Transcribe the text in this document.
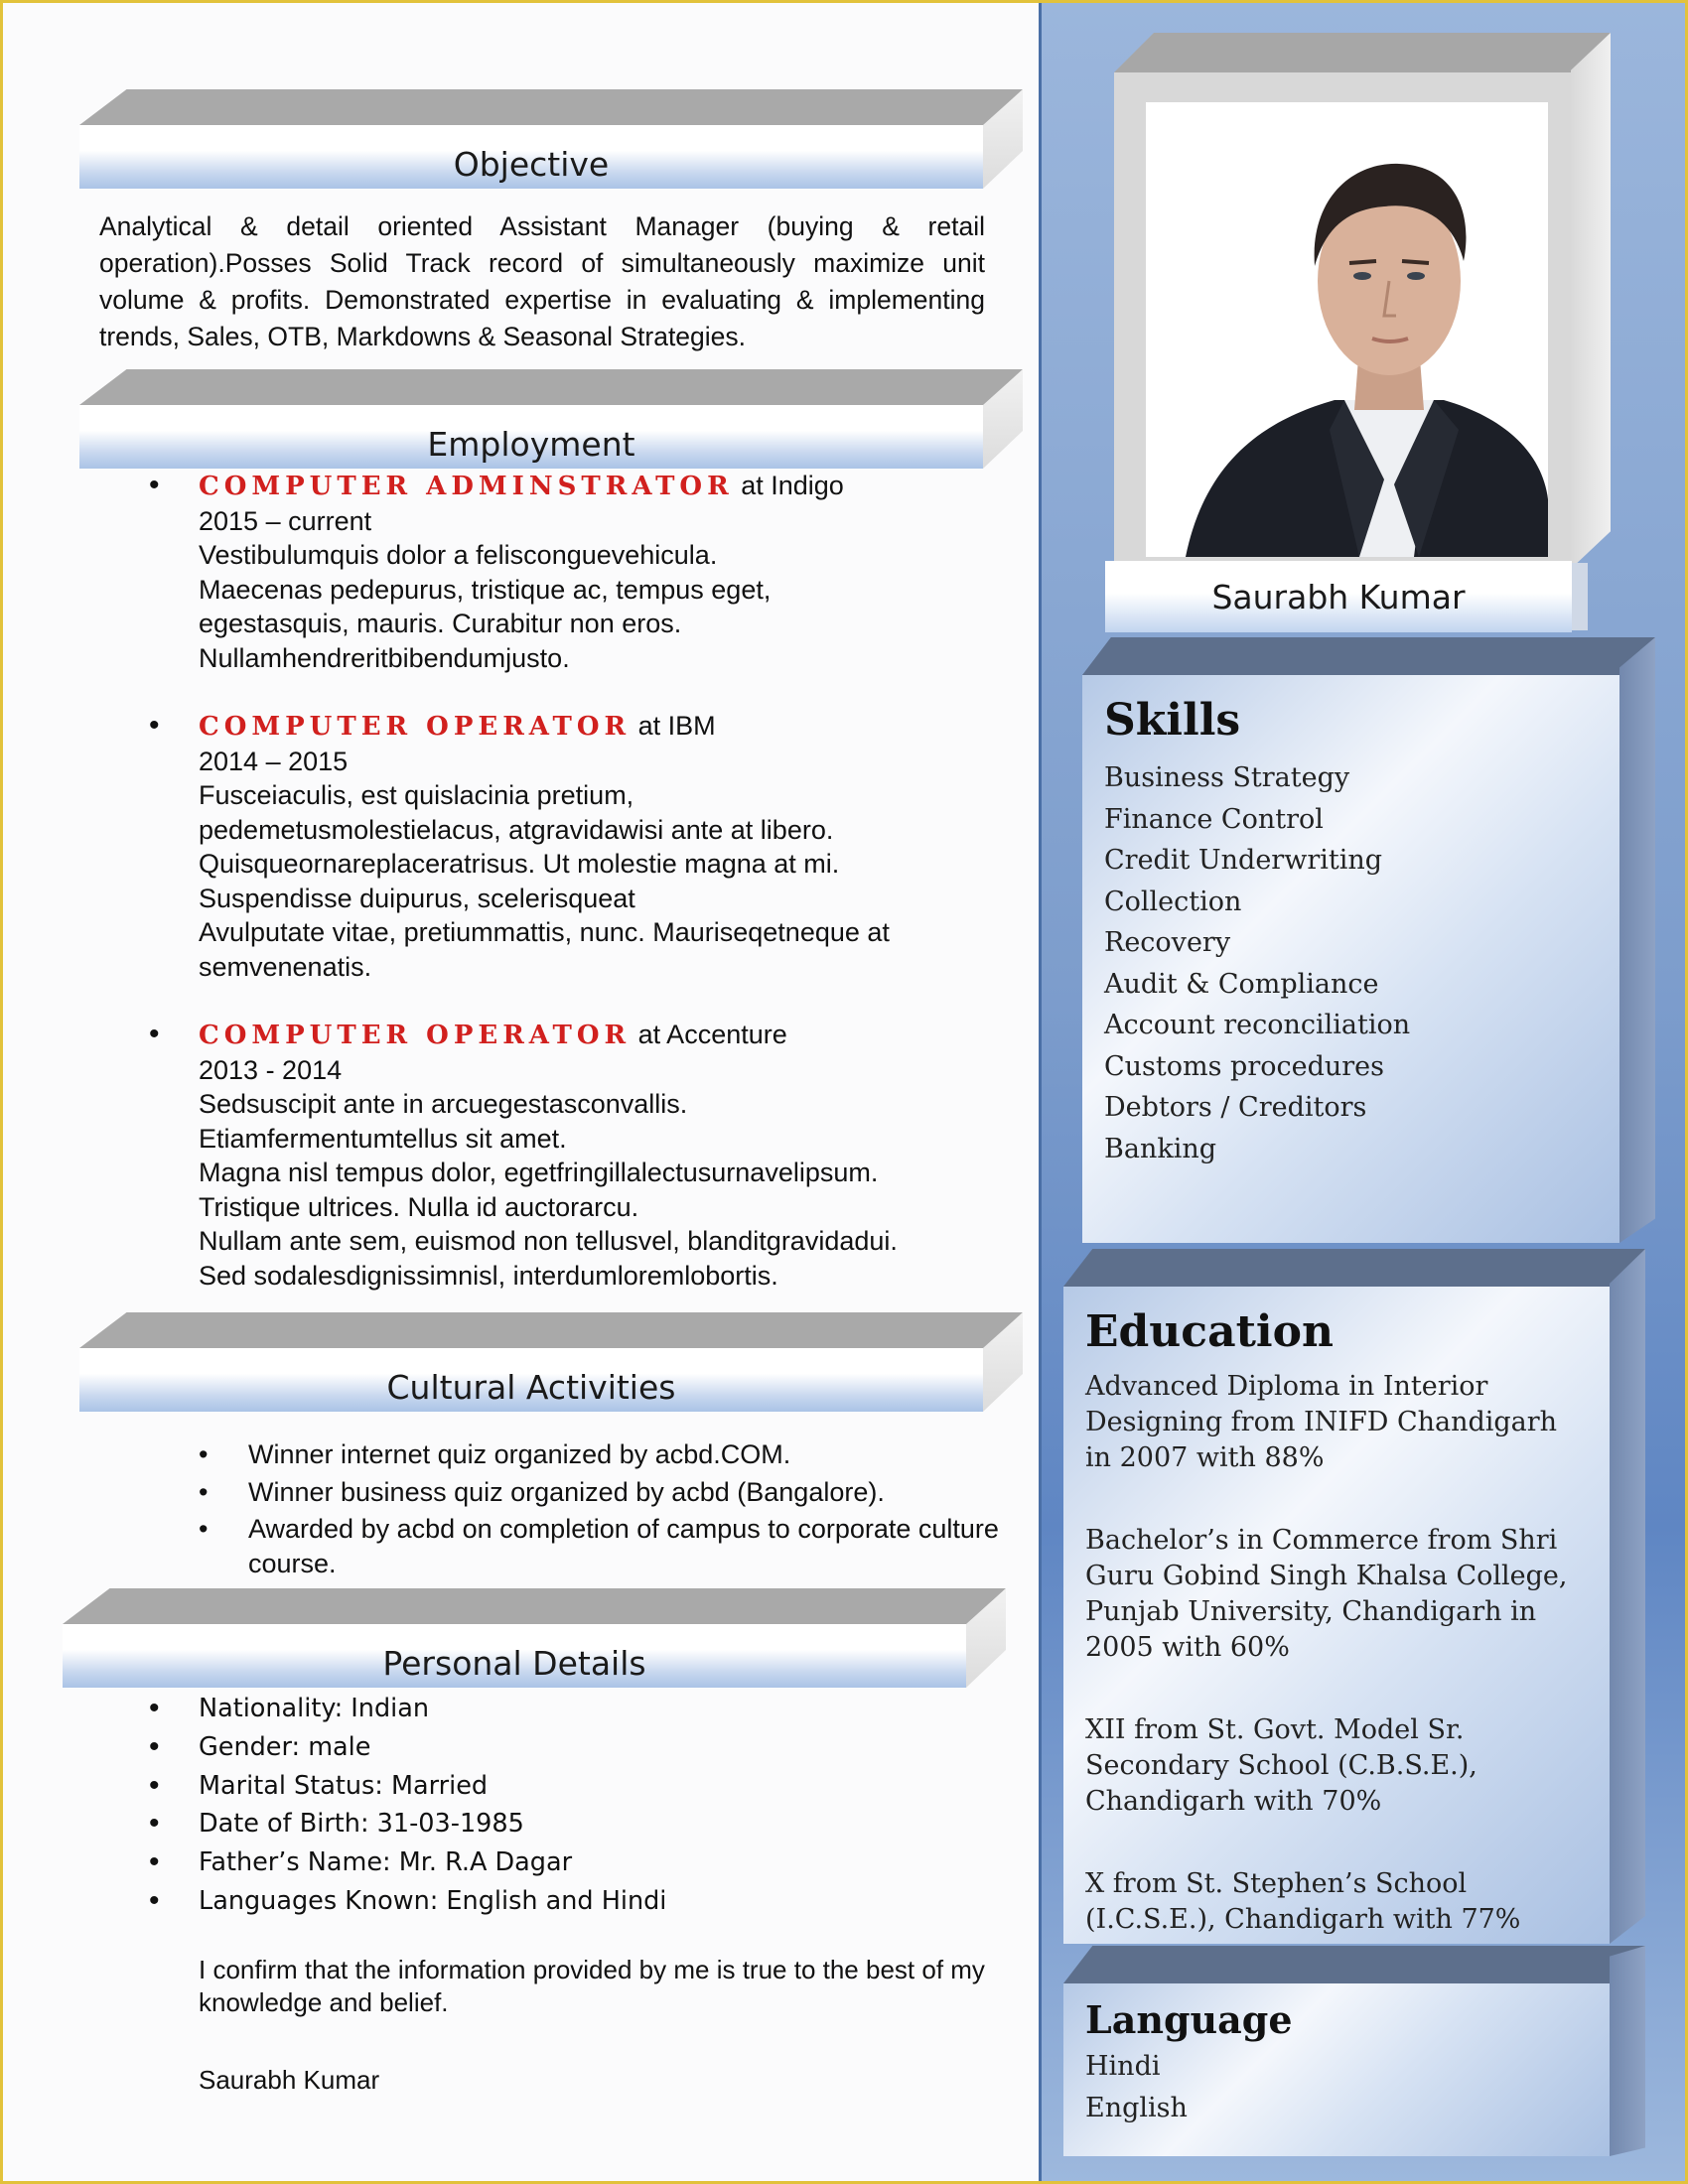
Objective

Analytical & detail oriented Assistant Manager (buying & retail operation).Posses Solid Track record of simultaneously maximize unit volume & profits. Demonstrated expertise in evaluating & implementing trends, Sales, OTB, Markdowns & Seasonal Strategies.

Employment
• COMPUTER ADMINSTRATOR at Indigo
2015 – current
Vestibulumquis dolor a felisconguevehicula.
Maecenas pedepurus, tristique ac, tempus eget,
egestasquis, mauris. Curabitur non eros.
Nullamhendreritbibendumjusto.
• COMPUTER OPERATOR at IBM
2014 – 2015
Fusceiaculis, est quislacinia pretium,
pedemetusmolestielacus, atgravidawisi ante at libero.
Quisqueornareplaceratrisus. Ut molestie magna at mi.
Suspendisse duipurus, scelerisqueat
Avulputate vitae, pretiummattis, nunc. Mauriseqetneque at
semvenenatis.
• COMPUTER OPERATOR at Accenture
2013 - 2014
Sedsuscipit ante in arcuegestasconvallis.
Etiamfermentumtellus sit amet.
Magna nisl tempus dolor, egetfringillalectusurnavelipsum.
Tristique ultrices. Nulla id auctorarcu.
Nullam ante sem, euismod non tellusvel, blanditgravidadui.
Sed sodalesdignissimnisl, interdumloremlobortis.
Cultural Activities
• Winner internet quiz organized by acbd.COM.
• Winner business quiz organized by acbd (Bangalore).
• Awarded by acbd on completion of campus to corporate culture course.
Personal Details
• Nationality: Indian
• Gender: male
• Marital Status: Married
• Date of Birth: 31-03-1985
• Father’s Name: Mr. R.A Dagar
• Languages Known: English and Hindi

I confirm that the information provided by me is true to the best of my knowledge and belief.

Saurabh Kumar

Saurabh Kumar
Skills
Business Strategy
Finance Control
Credit Underwriting
Collection
Recovery
Audit & Compliance
Account reconciliation
Customs procedures
Debtors / Creditors
Banking
Education
Advanced Diploma in Interior Designing from INIFD Chandigarh in 2007 with 88%
Bachelor’s in Commerce from Shri Guru Gobind Singh Khalsa College, Punjab University, Chandigarh in 2005 with 60%
XII from St. Govt. Model Sr. Secondary School (C.B.S.E.), Chandigarh with 70%
X from St. Stephen’s School (I.C.S.E.), Chandigarh with 77%
Language
Hindi
English
